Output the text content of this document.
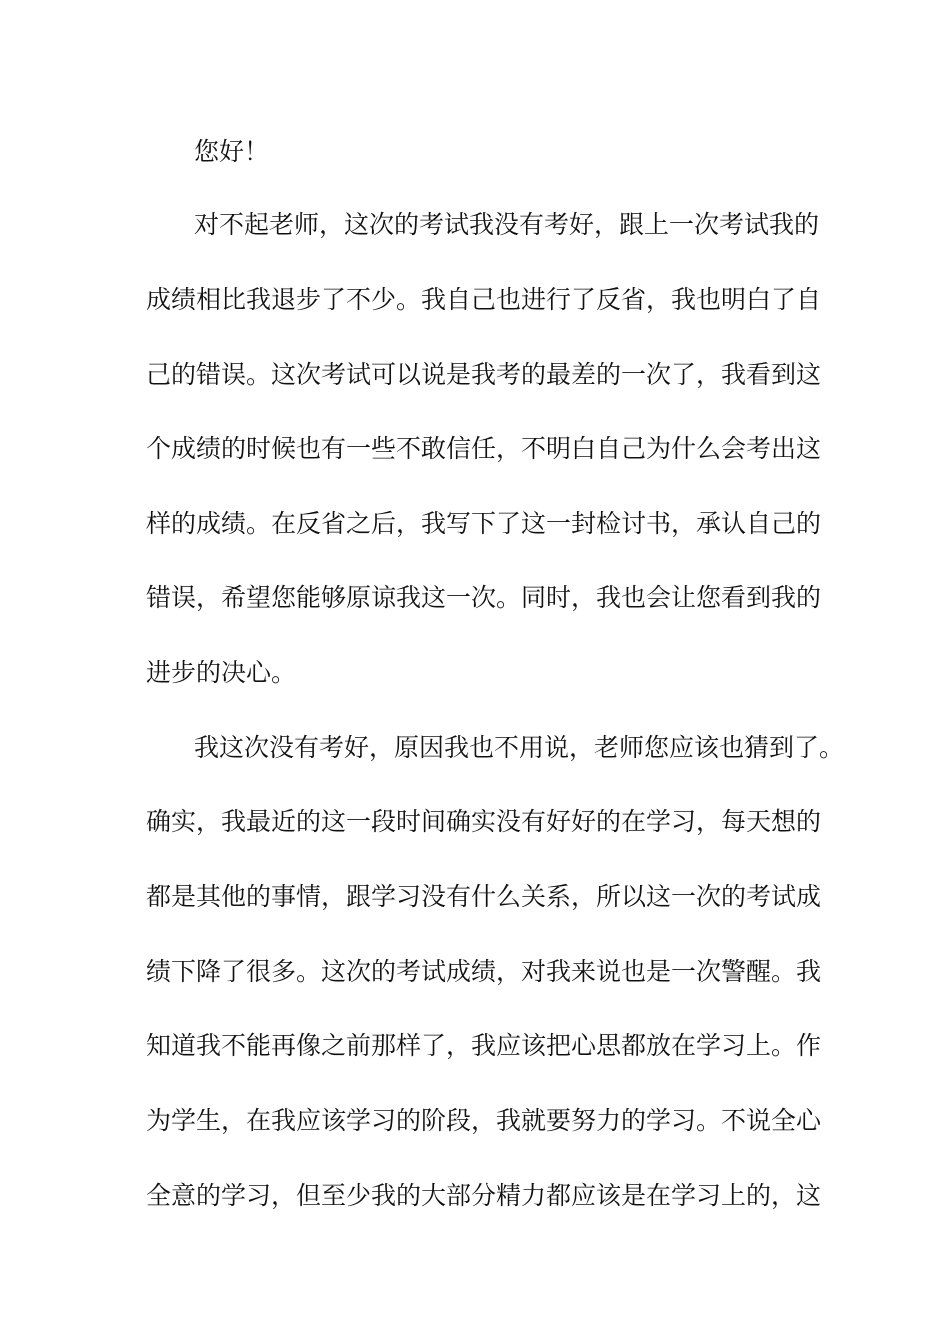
您好！
对不起老师，这次的考试我没有考好，跟上一次考试我的
成绩相比我退步了不少。我自己也进行了反省，我也明白了自
己的错误。这次考试可以说是我考的最差的一次了，我看到这
个成绩的时候也有一些不敢信任，不明白自己为什么会考出这
样的成绩。在反省之后，我写下了这一封检讨书，承认自己的
错误，希望您能够原谅我这一次。同时，我也会让您看到我的
进步的决心。
我这次没有考好，原因我也不用说，老师您应该也猜到了。
确实，我最近的这一段时间确实没有好好的在学习，每天想的
都是其他的事情，跟学习没有什么关系，所以这一次的考试成
绩下降了很多。这次的考试成绩，对我来说也是一次警醒。我
知道我不能再像之前那样了，我应该把心思都放在学习上。作
为学生，在我应该学习的阶段，我就要努力的学习。不说全心
全意的学习，但至少我的大部分精力都应该是在学习上的，这
